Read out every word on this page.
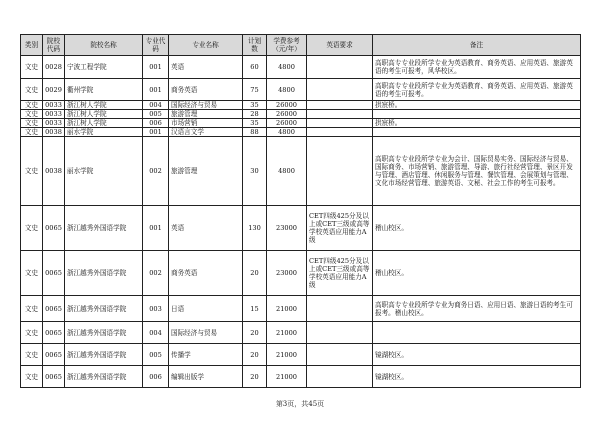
类别	院校代码	院校名称	专业代码	专业名称	计划数	学费参考（元/年）	英语要求	备注
文史	0028	宁波工程学院	001	英语	60	4800		高职高专专业段所学专业为英语教育、商务英语、应用英语、旅游英语的考生可报考，风华校区。
文史	0029	衢州学院	001	商务英语	75	4800		高职高专专业段所学专业为英语教育、商务英语、应用英语、旅游英语的考生可报考。
文史	0033	浙江树人学院	004	国际经济与贸易	35	26000		拱宸桥。
文史	0033	浙江树人学院	005	旅游管理	28	26000		
文史	0033	浙江树人学院	006	市场营销	35	26000		拱宸桥。
文史	0038	丽水学院	001	汉语言文学	88	4800		
文史	0038	丽水学院	002	旅游管理	30	4800		高职高专专业段所学专业为会计、国际贸易实务、国际经济与贸易、国际商务、市场营销、旅游管理、导游、旅行社经营管理、景区开发与管理、酒店管理、休闲服务与管理、餐饮管理、会展策划与管理、文化市场经营管理、旅游英语、文秘、社会工作的考生可报考。
文史	0065	浙江越秀外国语学院	001	英语	130	23000	CET四级425分及以上或CET三级或高等学校英语应用能力A级	稽山校区。
文史	0065	浙江越秀外国语学院	002	商务英语	20	23000	CET四级425分及以上或CET三级或高等学校英语应用能力A级	稽山校区。
文史	0065	浙江越秀外国语学院	003	日语	15	21000		高职高专专业段所学专业为商务日语、应用日语、旅游日语的考生可报考。稽山校区。
文史	0065	浙江越秀外国语学院	004	国际经济与贸易	20	21000		
文史	0065	浙江越秀外国语学院	005	传播学	20	21000		镜湖校区。
文史	0065	浙江越秀外国语学院	006	编辑出版学	20	21000		镜湖校区。
第3页，共45页
